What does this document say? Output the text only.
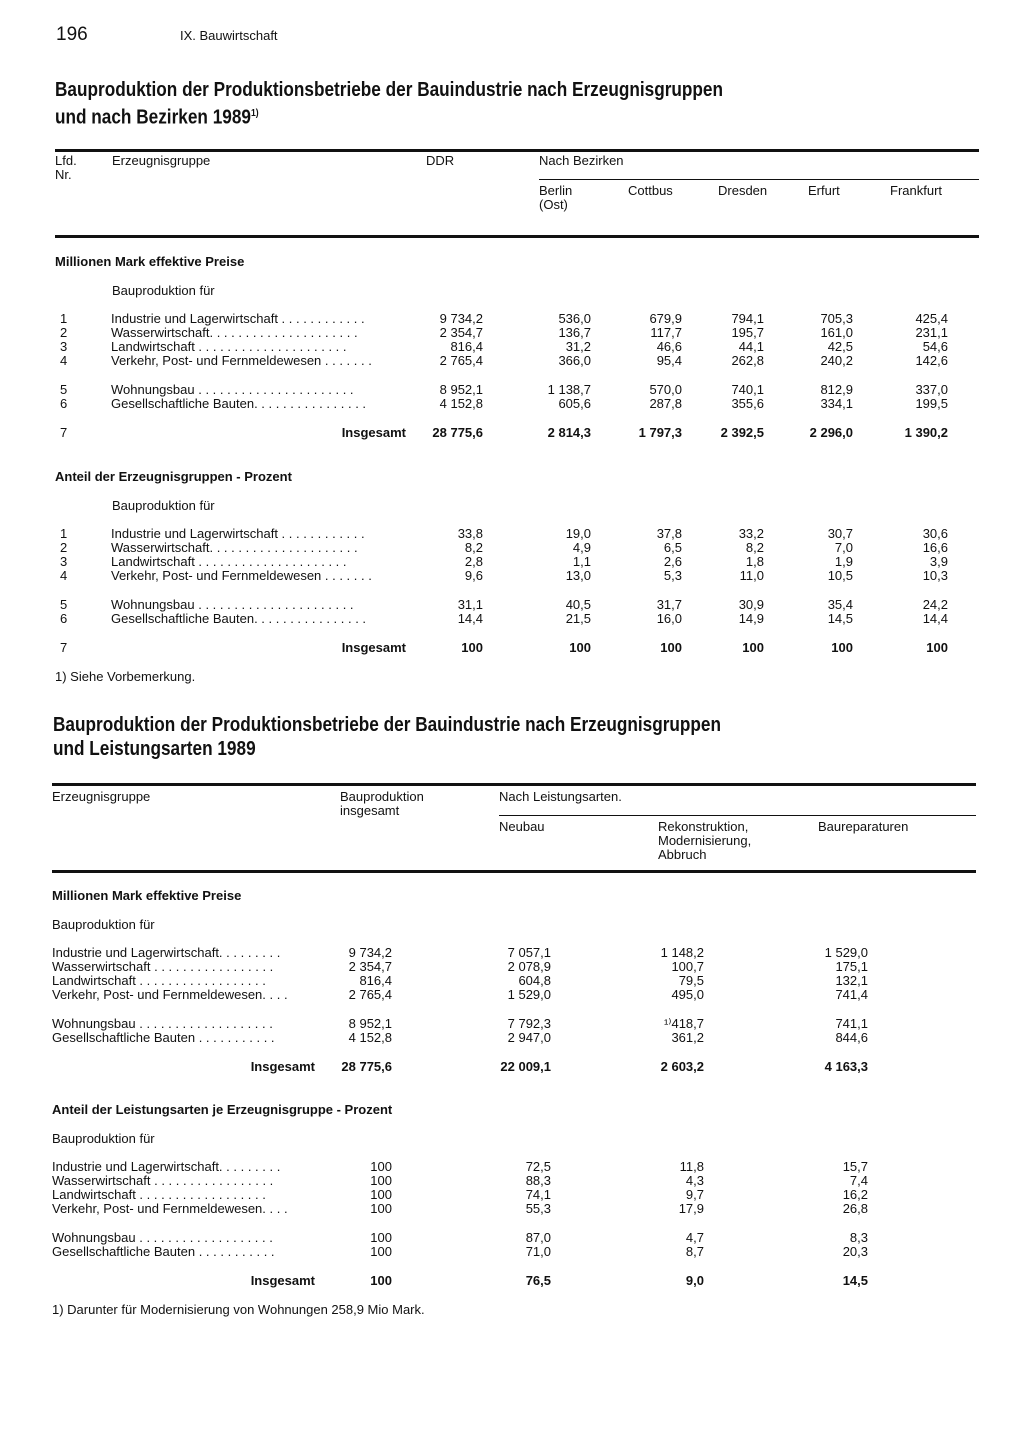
196	IX. Bauwirtschaft
Bauproduktion der Produktionsbetriebe der Bauindustrie nach Erzeugnisgruppen
und nach Bezirken 1989$^{1)}$
Lfd.
Nr.
Erzeugnisgruppe	DDR	Nach Bezirken
Berlin
(Ost)
Cottbus	Dresden	Erfurt	Frankfurt
Millionen Mark effektive Preise
Bauproduktion für
1	Industrie und Lagerwirtschaft . . . . . . . . . . . .	9 734,2	536,0	679,9	794,1	705,3	425,4
2	Wasserwirtschaft. . . . . . . . . . . . . . . . . . . . .	2 354,7	136,7	117,7	195,7	161,0	231,1
3	Landwirtschaft . . . . . . . . . . . . . . . . . . . . .	816,4	31,2	46,6	44,1	42,5	54,6
4	Verkehr, Post- und Fernmeldewesen . . . . . . .	2 765,4	366,0	95,4	262,8	240,2	142,6
5	Wohnungsbau . . . . . . . . . . . . . . . . . . . . . .	8 952,1	1 138,7	570,0	740,1	812,9	337,0
6	Gesellschaftliche Bauten. . . . . . . . . . . . . . . .	4 152,8	605,6	287,8	355,6	334,1	199,5
7	Insgesamt 28 775,6	2 814,3	1 797,3	2 392,5	2 296,0	1 390,2
Anteil der Erzeugnisgruppen - Prozent
Bauproduktion für
1	Industrie und Lagerwirtschaft . . . . . . . . . . . .	33,8	19,0	37,8	33,2	30,7	30,6
2	Wasserwirtschaft. . . . . . . . . . . . . . . . . . . . .	8,2	4,9	6,5	8,2	7,0	16,6
3	Landwirtschaft . . . . . . . . . . . . . . . . . . . . .	2,8	1,1	2,6	1,8	1,9	3,9
4	Verkehr, Post- und Fernmeldewesen . . . . . . .	9,6	13,0	5,3	11,0	10,5	10,3
5	Wohnungsbau . . . . . . . . . . . . . . . . . . . . . .	31,1	40,5	31,7	30,9	35,4	24,2
6	Gesellschaftliche Bauten. . . . . . . . . . . . . . . .	14,4	21,5	16,0	14,9	14,5	14,4
7	Insgesamt	100	100	100	100	100	100
1) Siehe Vorbemerkung.
Bauproduktion der Produktionsbetriebe der Bauindustrie nach Erzeugnisgruppen
und Leistungsarten 1989
Erzeugnisgruppe	Bauproduktion
insgesamt
Nach Leistungsarten.
Neubau	Rekonstruktion,
Modernisierung,
Abbruch
Baureparaturen
Millionen Mark effektive Preise
Bauproduktion für
Industrie und Lagerwirtschaft. . . . . . . . .	9 734,2	7 057,1	1 148,2	1 529,0
Wasserwirtschaft . . . . . . . . . . . . . . . . .	2 354,7	2 078,9	100,7	175,1
Landwirtschaft . . . . . . . . . . . . . . . . . .	816,4	604,8	79,5	132,1
Verkehr, Post- und Fernmeldewesen. . . .	2 765,4	1 529,0	495,0	741,4
Wohnungsbau . . . . . . . . . . . . . . . . . . .	8 952,1	7 792,3	¹⁾418,7	741,1
Gesellschaftliche Bauten . . . . . . . . . . .	4 152,8	2 947,0	361,2	844,6
Insgesamt 28 775,6	22 009,1	2 603,2	4 163,3
Anteil der Leistungsarten je Erzeugnisgruppe - Prozent
Bauproduktion für
Industrie und Lagerwirtschaft. . . . . . . . .	100	72,5	11,8	15,7
Wasserwirtschaft . . . . . . . . . . . . . . . . .	100	88,3	4,3	7,4
Landwirtschaft . . . . . . . . . . . . . . . . . .	100	74,1	9,7	16,2
Verkehr, Post- und Fernmeldewesen. . . .	100	55,3	17,9	26,8
Wohnungsbau . . . . . . . . . . . . . . . . . . .	100	87,0	4,7	8,3
Gesellschaftliche Bauten . . . . . . . . . . .	100	71,0	8,7	20,3
Insgesamt	100	76,5	9,0	14,5
1) Darunter für Modernisierung von Wohnungen 258,9 Mio Mark.
